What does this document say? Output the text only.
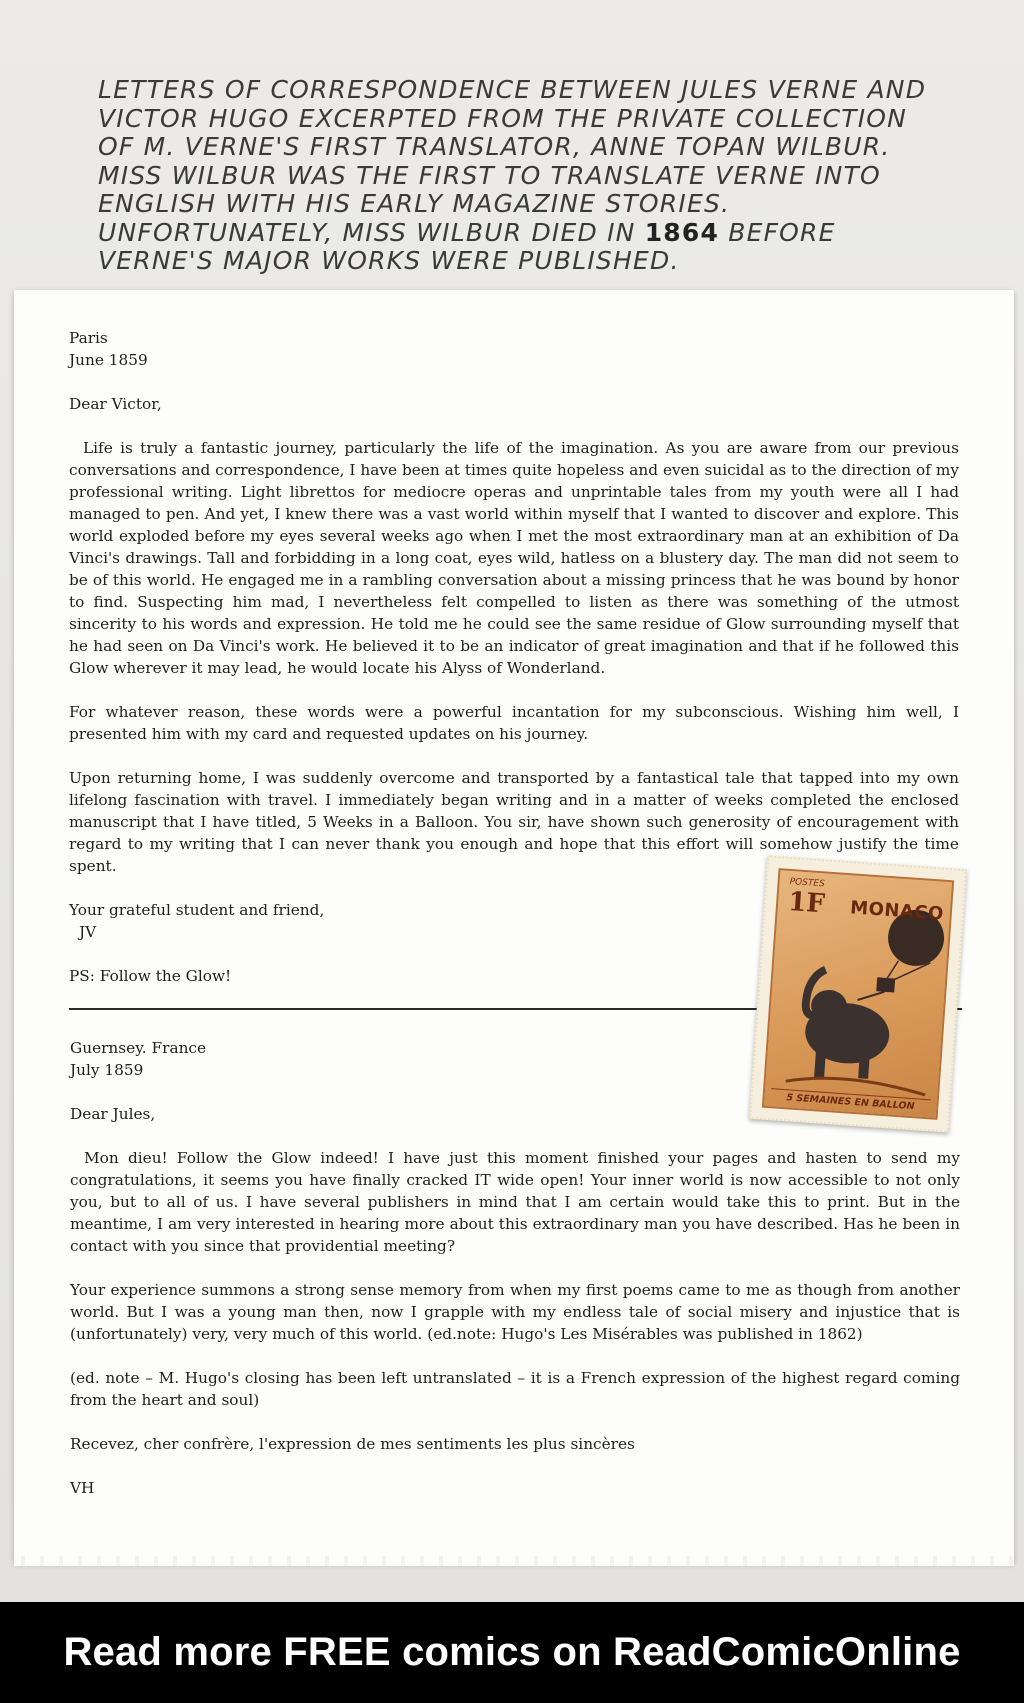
LETTERS OF CORRESPONDENCE BETWEEN JULES VERNE AND VICTOR HUGO EXCERPTED FROM THE PRIVATE COLLECTION OF M. VERNE'S FIRST TRANSLATOR, ANNE TOPAN WILBUR. MISS WILBUR WAS THE FIRST TO TRANSLATE VERNE INTO ENGLISH WITH HIS EARLY MAGAZINE STORIES. UNFORTUNATELY, MISS WILBUR DIED IN 1864 BEFORE VERNE'S MAJOR WORKS WERE PUBLISHED.
Paris
June 1859

Dear Victor,

Life is truly a fantastic journey, particularly the life of the imagination. As you are aware from our previous conversations and correspondence, I have been at times quite hopeless and even suicidal as to the direction of my professional writing. Light librettos for mediocre operas and unprintable tales from my youth were all I had managed to pen. And yet, I knew there was a vast world within myself that I wanted to discover and explore. This world exploded before my eyes several weeks ago when I met the most extraordinary man at an exhibition of Da Vinci's drawings. Tall and forbidding in a long coat, eyes wild, hatless on a blustery day. The man did not seem to be of this world. He engaged me in a rambling conversation about a missing princess that he was bound by honor to find. Suspecting him mad, I nevertheless felt compelled to listen as there was something of the utmost sincerity to his words and expression. He told me he could see the same residue of Glow surrounding myself that he had seen on Da Vinci's work. He believed it to be an indicator of great imagination and that if he followed this Glow wherever it may lead, he would locate his Alyss of Wonderland.

For whatever reason, these words were a powerful incantation for my subconscious. Wishing him well, I presented him with my card and requested updates on his journey.

Upon returning home, I was suddenly overcome and transported by a fantastical tale that tapped into my own lifelong fascination with travel. I immediately began writing and in a matter of weeks completed the enclosed manuscript that I have titled, 5 Weeks in a Balloon. You sir, have shown such generosity of encouragement with regard to my writing that I can never thank you enough and hope that this effort will somehow justify the time spent.

Your grateful student and friend,
JV

PS: Follow the Glow!
Guernsey. France
July 1859

Dear Jules,

Mon dieu! Follow the Glow indeed! I have just this moment finished your pages and hasten to send my congratulations, it seems you have finally cracked IT wide open! Your inner world is now accessible to not only you, but to all of us. I have several publishers in mind that I am certain would take this to print. But in the meantime, I am very interested in hearing more about this extraordinary man you have described. Has he been in contact with you since that providential meeting?

Your experience summons a strong sense memory from when my first poems came to me as though from another world. But I was a young man then, now I grapple with my endless tale of social misery and injustice that is (unfortunately) very, very much of this world. (ed.note: Hugo's Les Misérables was published in 1862)

(ed. note – M. Hugo's closing has been left untranslated – it is a French expression of the highest regard coming from the heart and soul)

Recevez, cher confrère, l'expression de mes sentiments les plus sincères

VH
POSTES
1F MONACO
5 SEMAINES EN BALLON
Read more FREE comics on ReadComicOnline
